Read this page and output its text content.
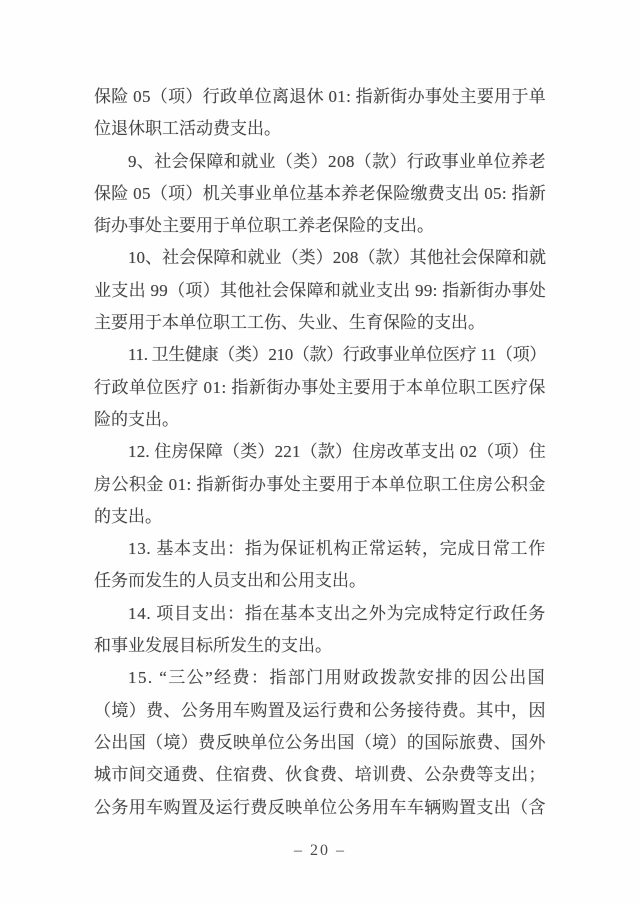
保险 05（项）行政单位离退休 01: 指新街办事处主要用于单
位退休职工活动费支出。
9、社会保障和就业（类）208（款）行政事业单位养老
保险 05（项）机关事业单位基本养老保险缴费支出 05: 指新
街办事处主要用于单位职工养老保险的支出。
10、社会保障和就业（类）208（款）其他社会保障和就
业支出 99（项）其他社会保障和就业支出 99: 指新街办事处
主要用于本单位职工工伤、失业、生育保险的支出。
11. 卫生健康（类）210（款）行政事业单位医疗 11（项）
行政单位医疗 01: 指新街办事处主要用于本单位职工医疗保
险的支出。
12. 住房保障（类）221（款）住房改革支出 02（项）住
房公积金 01: 指新街办事处主要用于本单位职工住房公积金
的支出。
13. 基本支出：指为保证机构正常运转，完成日常工作
任务而发生的人员支出和公用支出。
14. 项目支出：指在基本支出之外为完成特定行政任务
和事业发展目标所发生的支出。
15. “三公”经费：指部门用财政拨款安排的因公出国
（境）费、公务用车购置及运行费和公务接待费。其中，因
公出国（境）费反映单位公务出国（境）的国际旅费、国外
城市间交通费、住宿费、伙食费、培训费、公杂费等支出；
公务用车购置及运行费反映单位公务用车车辆购置支出（含
– 20 –
